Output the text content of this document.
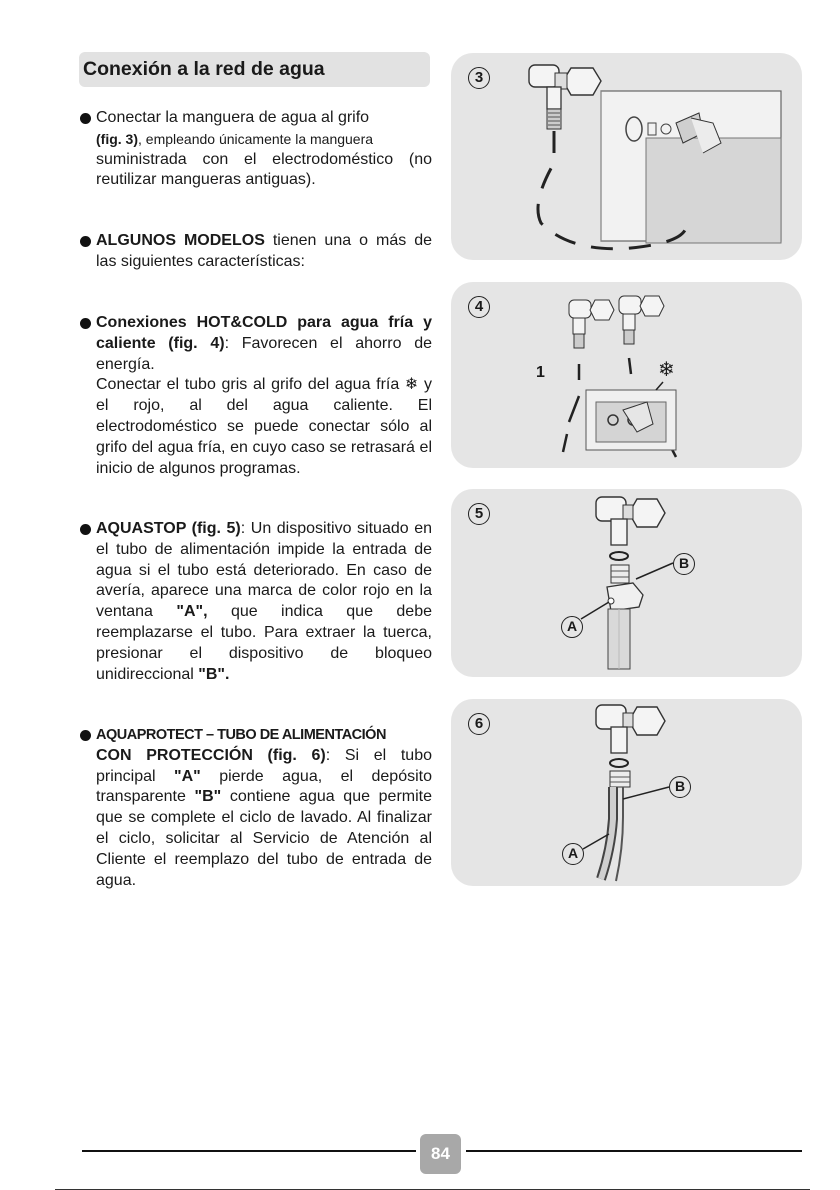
Conexión a la red de agua

Conectar la manguera de agua al grifo

(fig. 3), empleando únicamente la manguera

suministrada con el electrodoméstico (no reutilizar mangueras antiguas).

ALGUNOS MODELOS tienen una o más de las siguientes características:

Conexiones HOT&COLD para agua fría y caliente (fig. 4): Favorecen el ahorro de energía.

Conectar el tubo gris al grifo del agua fría ❄ y el rojo, al del agua caliente. El electrodoméstico se puede conectar sólo al grifo del agua fría, en cuyo caso se retrasará el inicio de algunos programas.

AQUASTOP (fig. 5): Un dispositivo situado en el tubo de alimentación impide la entrada de agua si el tubo está deteriorado. En caso de avería, aparece una marca de color rojo en la ventana "A", que indica que debe reemplazarse el tubo. Para extraer la tuerca, presionar el dispositivo de bloqueo unidireccional "B".
AQUAPROTECT – TUBO DE ALIMENTACIÓN
CON PROTECCIÓN (fig. 6): Si el tubo principal "A" pierde agua, el depósito transparente "B" contiene agua que permite que se complete el ciclo de lavado. Al finalizar el ciclo, solicitar al Servicio de Atención al Cliente el reemplazo del tubo de entrada de agua.
3
4
1	❄
5
B
A
6
B
A
84
